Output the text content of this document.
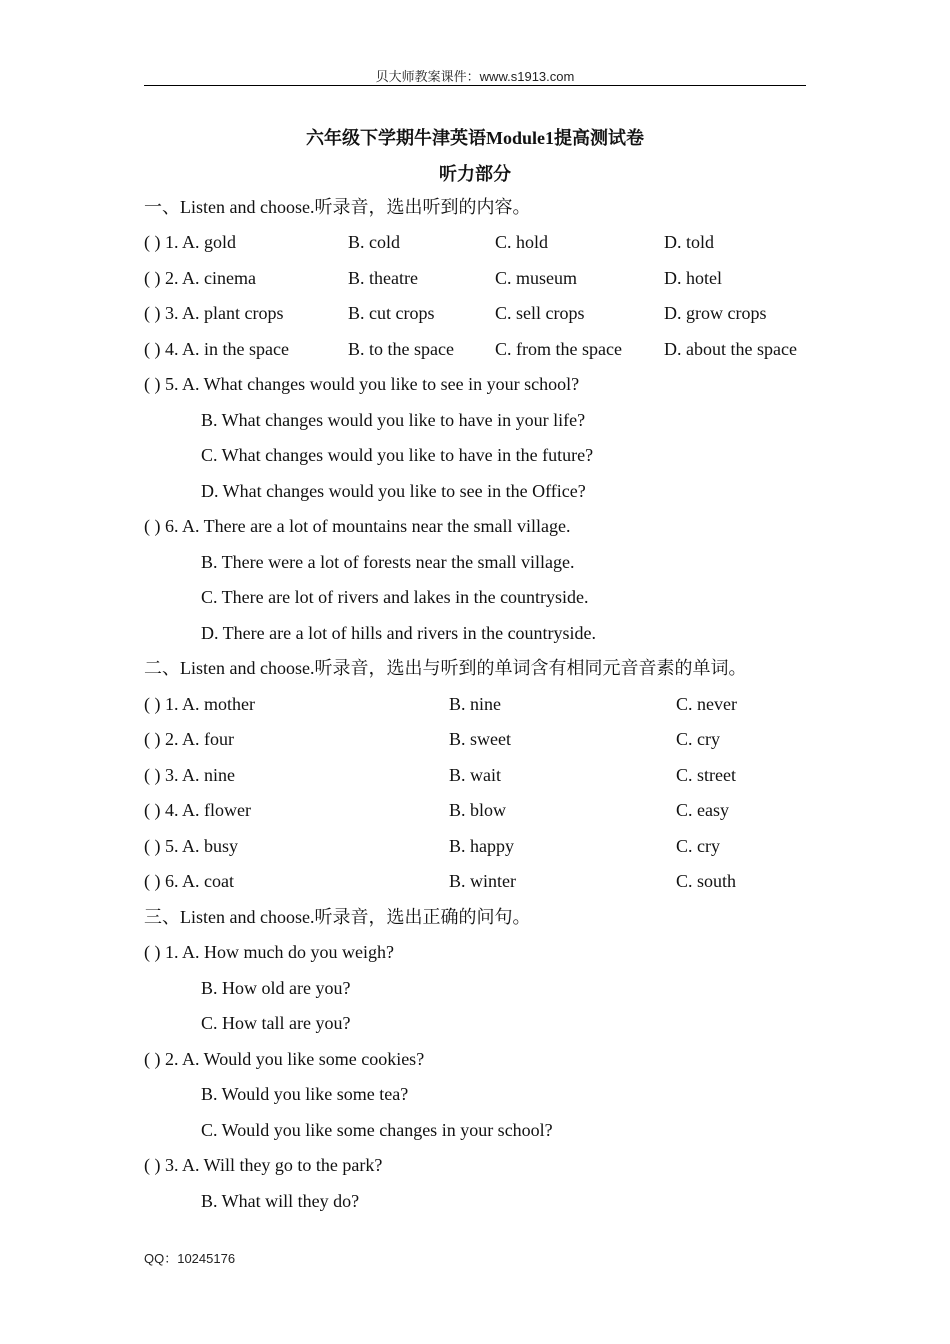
贝大师教案课件：www.s1913.com
六年级下学期牛津英语Module1提高测试卷
听力部分
一、Listen and choose.听录音，选出听到的内容。
( ) 1. A. gold	B. cold	C. hold	D. told
( ) 2. A. cinema	B. theatre	C. museum	D. hotel
( ) 3. A. plant crops	B. cut crops	C. sell crops	D. grow crops
( ) 4. A. in the space	B. to the space C. from the space D. about the space
( ) 5. A. What changes would you like to see in your school?
B. What changes would you like to have in your life?
C. What changes would you like to have in the future?
D. What changes would you like to see in the Office?
( ) 6. A. There are a lot of mountains near the small village.
B. There were a lot of forests near the small village.
C. There are lot of rivers and lakes in the countryside.
D. There are a lot of hills and rivers in the countryside.
二、Listen and choose.听录音，选出与听到的单词含有相同元音音素的单词。
( ) 1. A. mother	B. nine	C. never
( ) 2. A. four	B. sweet	C. cry
( ) 3. A. nine	B. wait	C. street
( ) 4. A. flower	B. blow	C. easy
( ) 5. A. busy	B. happy	C. cry
( ) 6. A. coat	B. winter	C. south
三、Listen and choose.听录音，选出正确的问句。
( ) 1. A. How much do you weigh?
B. How old are you?
C. How tall are you?
( ) 2. A. Would you like some cookies?
B. Would you like some tea?
C. Would you like some changes in your school?
( ) 3. A. Will they go to the park?
B. What will they do?
QQ：10245176
